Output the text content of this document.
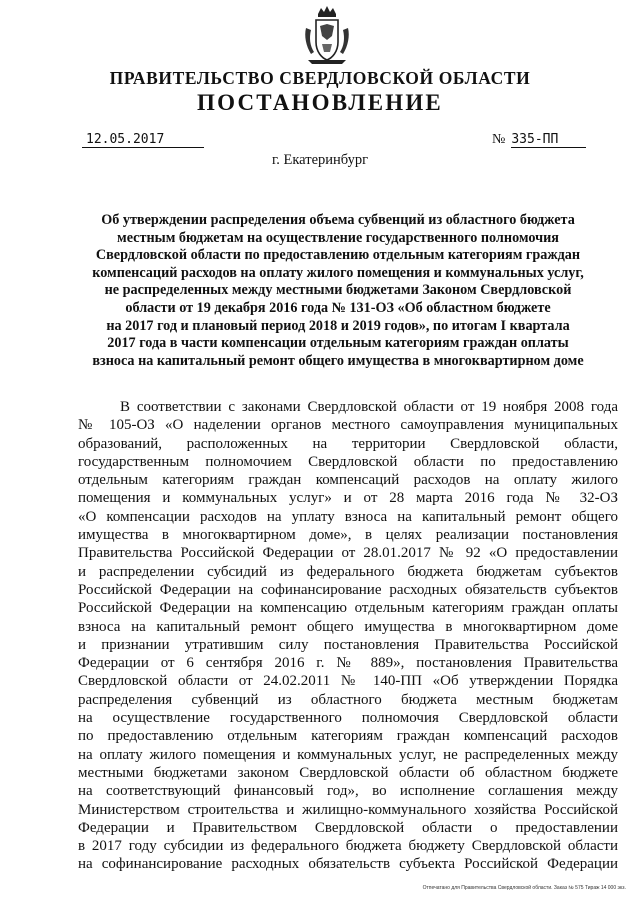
ПРАВИТЕЛЬСТВО СВЕРДЛОВСКОЙ ОБЛАСТИ
ПОСТАНОВЛЕНИЕ
12.05.2017	№ 335-ПП
г. Екатеринбург
Об утверждении распределения объема субвенций из областного бюджета
местным бюджетам на осуществление государственного полномочия
Свердловской области по предоставлению отдельным категориям граждан
компенсаций расходов на оплату жилого помещения и коммунальных услуг,
не распределенных между местными бюджетами Законом Свердловской
области от 19 декабря 2016 года № 131-ОЗ «Об областном бюджете
на 2017 год и плановый период 2018 и 2019 годов», по итогам I квартала
2017 года в части компенсации отдельным категориям граждан оплаты
взноса на капитальный ремонт общего имущества в многоквартирном доме
В соответствии с законами Свердловской области от 19 ноября 2008 года
№ 105-ОЗ «О наделении органов местного самоуправления муниципальных
образований, расположенных на территории Свердловской области,
государственным полномочием Свердловской области по предоставлению
отдельным категориям граждан компенсаций расходов на оплату жилого
помещения и коммунальных услуг» и от 28 марта 2016 года № 32-ОЗ
«О компенсации расходов на уплату взноса на капитальный ремонт общего
имущества в многоквартирном доме», в целях реализации постановления
Правительства Российской Федерации от 28.01.2017 № 92 «О предоставлении
и распределении субсидий из федерального бюджета бюджетам субъектов
Российской Федерации на софинансирование расходных обязательств субъектов
Российской Федерации на компенсацию отдельным категориям граждан оплаты
взноса на капитальный ремонт общего имущества в многоквартирном доме
и признании утратившим силу постановления Правительства Российской
Федерации от 6 сентября 2016 г. № 889», постановления Правительства
Свердловской области от 24.02.2011 № 140-ПП «Об утверждении Порядка
распределения субвенций из областного бюджета местным бюджетам
на осуществление государственного полномочия Свердловской области
по предоставлению отдельным категориям граждан компенсаций расходов
на оплату жилого помещения и коммунальных услуг, не распределенных между
местными бюджетами законом Свердловской области об областном бюджете
на соответствующий финансовый год», во исполнение соглашения между
Министерством строительства и жилищно-коммунального хозяйства Российской
Федерации и Правительством Свердловской области о предоставлении
в 2017 году субсидии из федерального бюджета бюджету Свердловской области
на софинансирование расходных обязательств субъекта Российской Федерации
Отпечатано для Правительства Свердловской области. Заказ № 575 Тираж 14 000 экз.
